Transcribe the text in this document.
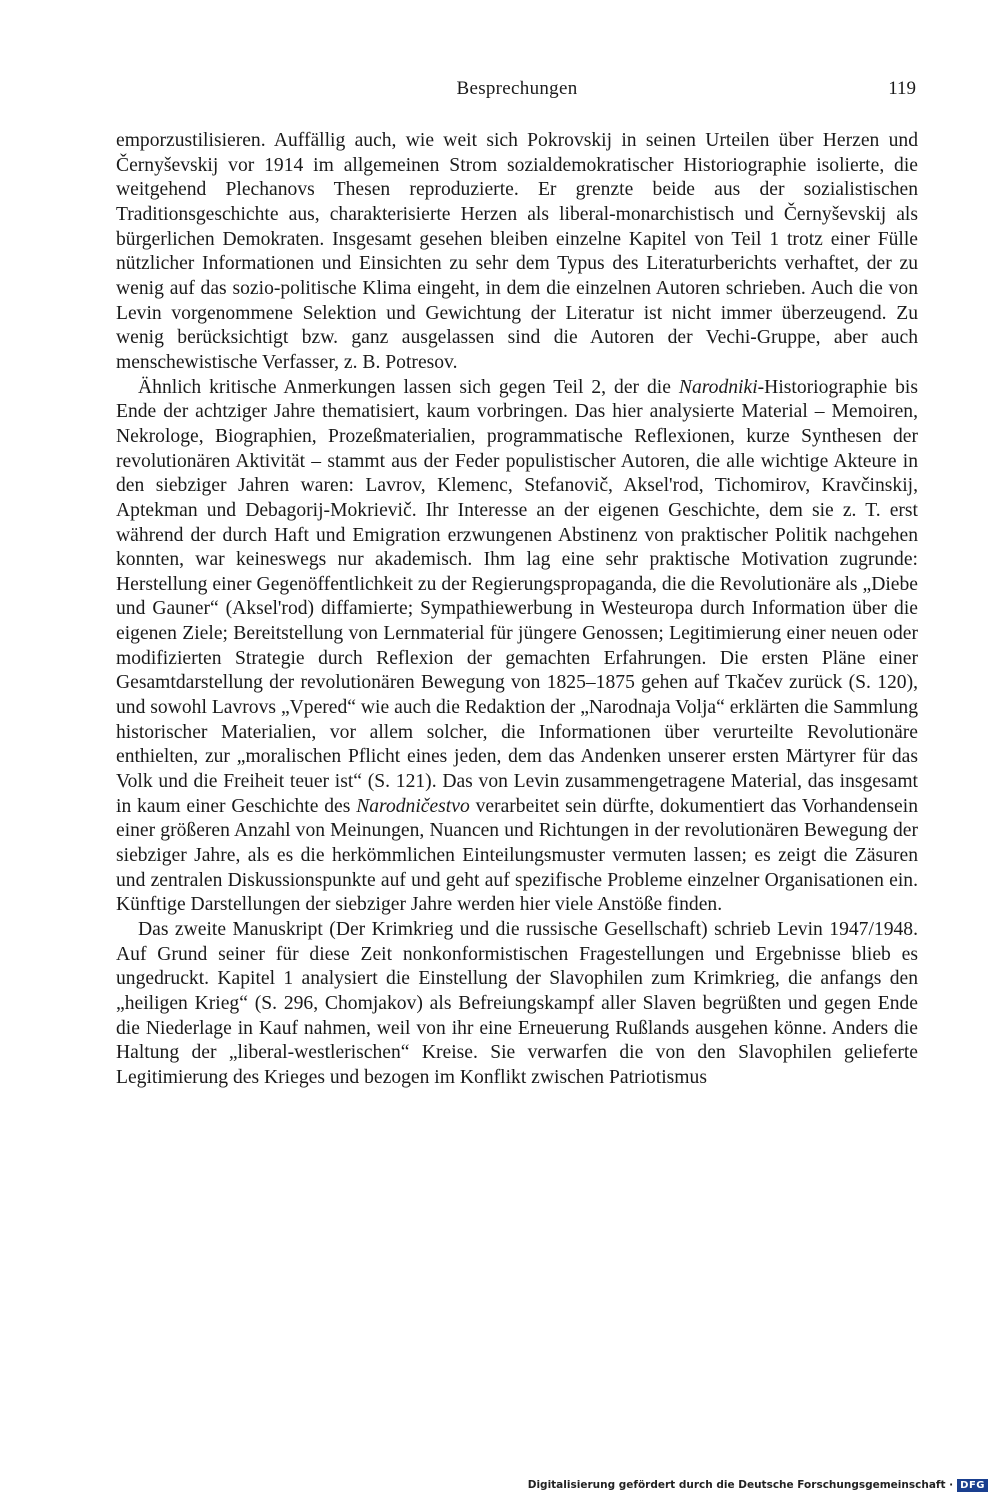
Besprechungen	119

emporzustilisieren. Auffällig auch, wie weit sich Pokrovskij in seinen Urteilen über Herzen und Černyševskij vor 1914 im allgemeinen Strom sozialdemokratischer Historiographie isolierte, die weitgehend Plechanovs Thesen reproduzierte. Er grenzte beide aus der sozialistischen Traditionsgeschichte aus, charakterisierte Herzen als liberal-monarchistisch und Černyševskij als bürgerlichen Demokraten. Insgesamt gesehen bleiben einzelne Kapitel von Teil 1 trotz einer Fülle nützlicher Informationen und Einsichten zu sehr dem Typus des Literaturberichts verhaftet, der zu wenig auf das sozio-politische Klima eingeht, in dem die einzelnen Autoren schrieben. Auch die von Levin vorgenommene Selektion und Gewichtung der Literatur ist nicht immer überzeugend. Zu wenig berücksichtigt bzw. ganz ausgelassen sind die Autoren der Vechi-Gruppe, aber auch menschewistische Verfasser, z. B. Potresov.

Ähnlich kritische Anmerkungen lassen sich gegen Teil 2, der die Narodniki-Historiographie bis Ende der achtziger Jahre thematisiert, kaum vorbringen. Das hier analysierte Material – Memoiren, Nekrologe, Biographien, Prozeßmaterialien, programmatische Reflexionen, kurze Synthesen der revolutionären Aktivität – stammt aus der Feder populistischer Autoren, die alle wichtige Akteure in den siebziger Jahren waren: Lavrov, Klemenc, Stefanovič, Aksel'rod, Tichomirov, Kravčinskij, Aptekman und Debagorij-Mokrievič. Ihr Interesse an der eigenen Geschichte, dem sie z. T. erst während der durch Haft und Emigration erzwungenen Abstinenz von praktischer Politik nachgehen konnten, war keineswegs nur akademisch. Ihm lag eine sehr praktische Motivation zugrunde: Herstellung einer Gegenöffentlichkeit zu der Regierungspropaganda, die die Revolutionäre als „Diebe und Gauner“ (Aksel'rod) diffamierte; Sympathiewerbung in Westeuropa durch Information über die eigenen Ziele; Bereitstellung von Lernmaterial für jüngere Genossen; Legitimierung einer neuen oder modifizierten Strategie durch Reflexion der gemachten Erfahrungen. Die ersten Pläne einer Gesamtdarstellung der revolutionären Bewegung von 1825–1875 gehen auf Tkačev zurück (S. 120), und sowohl Lavrovs „Vpered“ wie auch die Redaktion der „Narodnaja Volja“ erklärten die Sammlung historischer Materialien, vor allem solcher, die Informationen über verurteilte Revolutionäre enthielten, zur „moralischen Pflicht eines jeden, dem das Andenken unserer ersten Märtyrer für das Volk und die Freiheit teuer ist“ (S. 121). Das von Levin zusammengetragene Material, das insgesamt in kaum einer Geschichte des Narodničestvo verarbeitet sein dürfte, dokumentiert das Vorhandensein einer größeren Anzahl von Meinungen, Nuancen und Richtungen in der revolutionären Bewegung der siebziger Jahre, als es die herkömmlichen Einteilungsmuster vermuten lassen; es zeigt die Zäsuren und zentralen Diskussionspunkte auf und geht auf spezifische Probleme einzelner Organisationen ein. Künftige Darstellungen der siebziger Jahre werden hier viele Anstöße finden.

Das zweite Manuskript (Der Krimkrieg und die russische Gesellschaft) schrieb Levin 1947/1948. Auf Grund seiner für diese Zeit nonkonformistischen Fragestellungen und Ergebnisse blieb es ungedruckt. Kapitel 1 analysiert die Einstellung der Slavophilen zum Krimkrieg, die anfangs den „heiligen Krieg“ (S. 296, Chomjakov) als Befreiungskampf aller Slaven begrüßten und gegen Ende die Niederlage in Kauf nahmen, weil von ihr eine Erneuerung Rußlands ausgehen könne. Anders die Haltung der „liberal-westlerischen“ Kreise. Sie verwarfen die von den Slavophilen gelieferte Legitimierung des Krieges und bezogen im Konflikt zwischen Patriotismus

Digitalisierung gefördert durch die Deutsche Forschungsgemeinschaft · DFG
